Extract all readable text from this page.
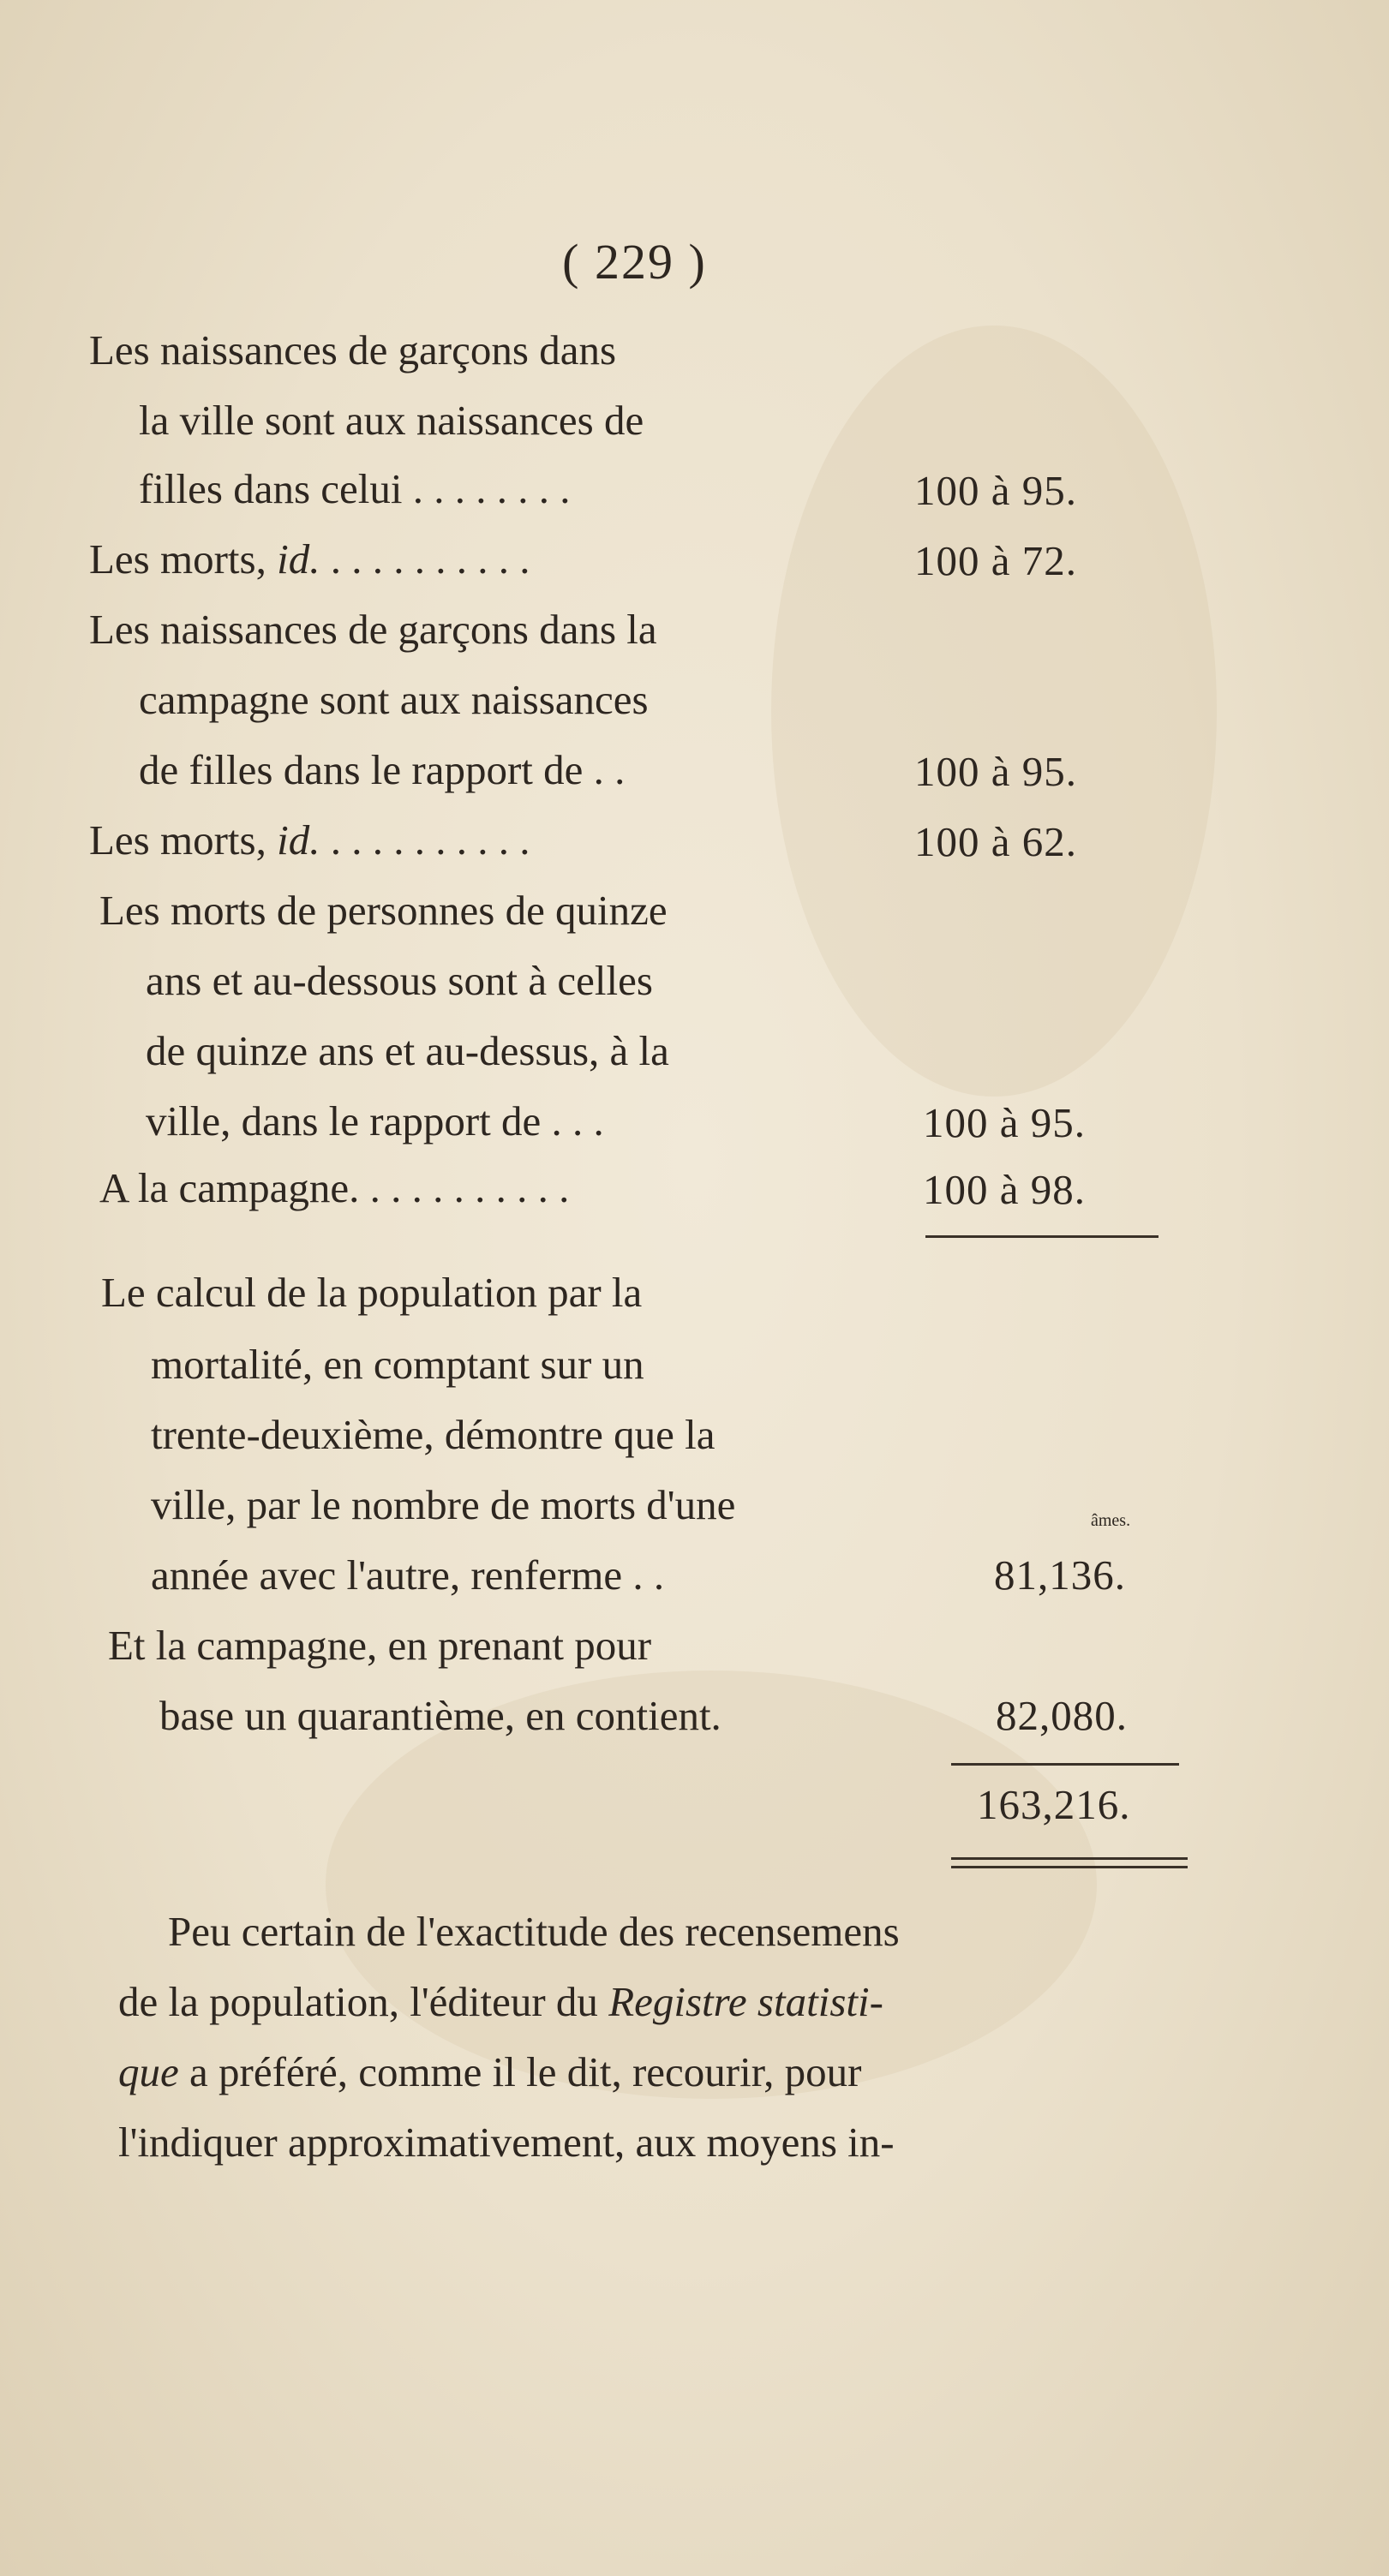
( 229 )
Les naissances de garçons dans
la ville sont aux naissances de
filles dans celui . . . . . . . .	100 à 95.
Les morts, id. . . . . . . . . . .	100 à 72.
Les naissances de garçons dans la
campagne sont aux naissances
de filles dans le rapport de . .	100 à 95.
Les morts, id. . . . . . . . . . .	100 à 62.
Les morts de personnes de quinze
ans et au-dessous sont à celles
de quinze ans et au-dessus, à la
ville, dans le rapport de . . .	100 à 95.
A la campagne. . . . . . . . . . .	100 à 98.
Le calcul de la population par la
mortalité, en comptant sur un
trente-deuxième, démontre que la
ville, par le nombre de morts d'une	âmes.
année avec l'autre, renferme . .	81,136.
Et la campagne, en prenant pour
base un quarantième, en contient.	82,080.
163,216.
Peu certain de l'exactitude des recensemens
de la population, l'éditeur du Registre statisti-
que a préféré, comme il le dit, recourir, pour
l'indiquer approximativement, aux moyens in-
